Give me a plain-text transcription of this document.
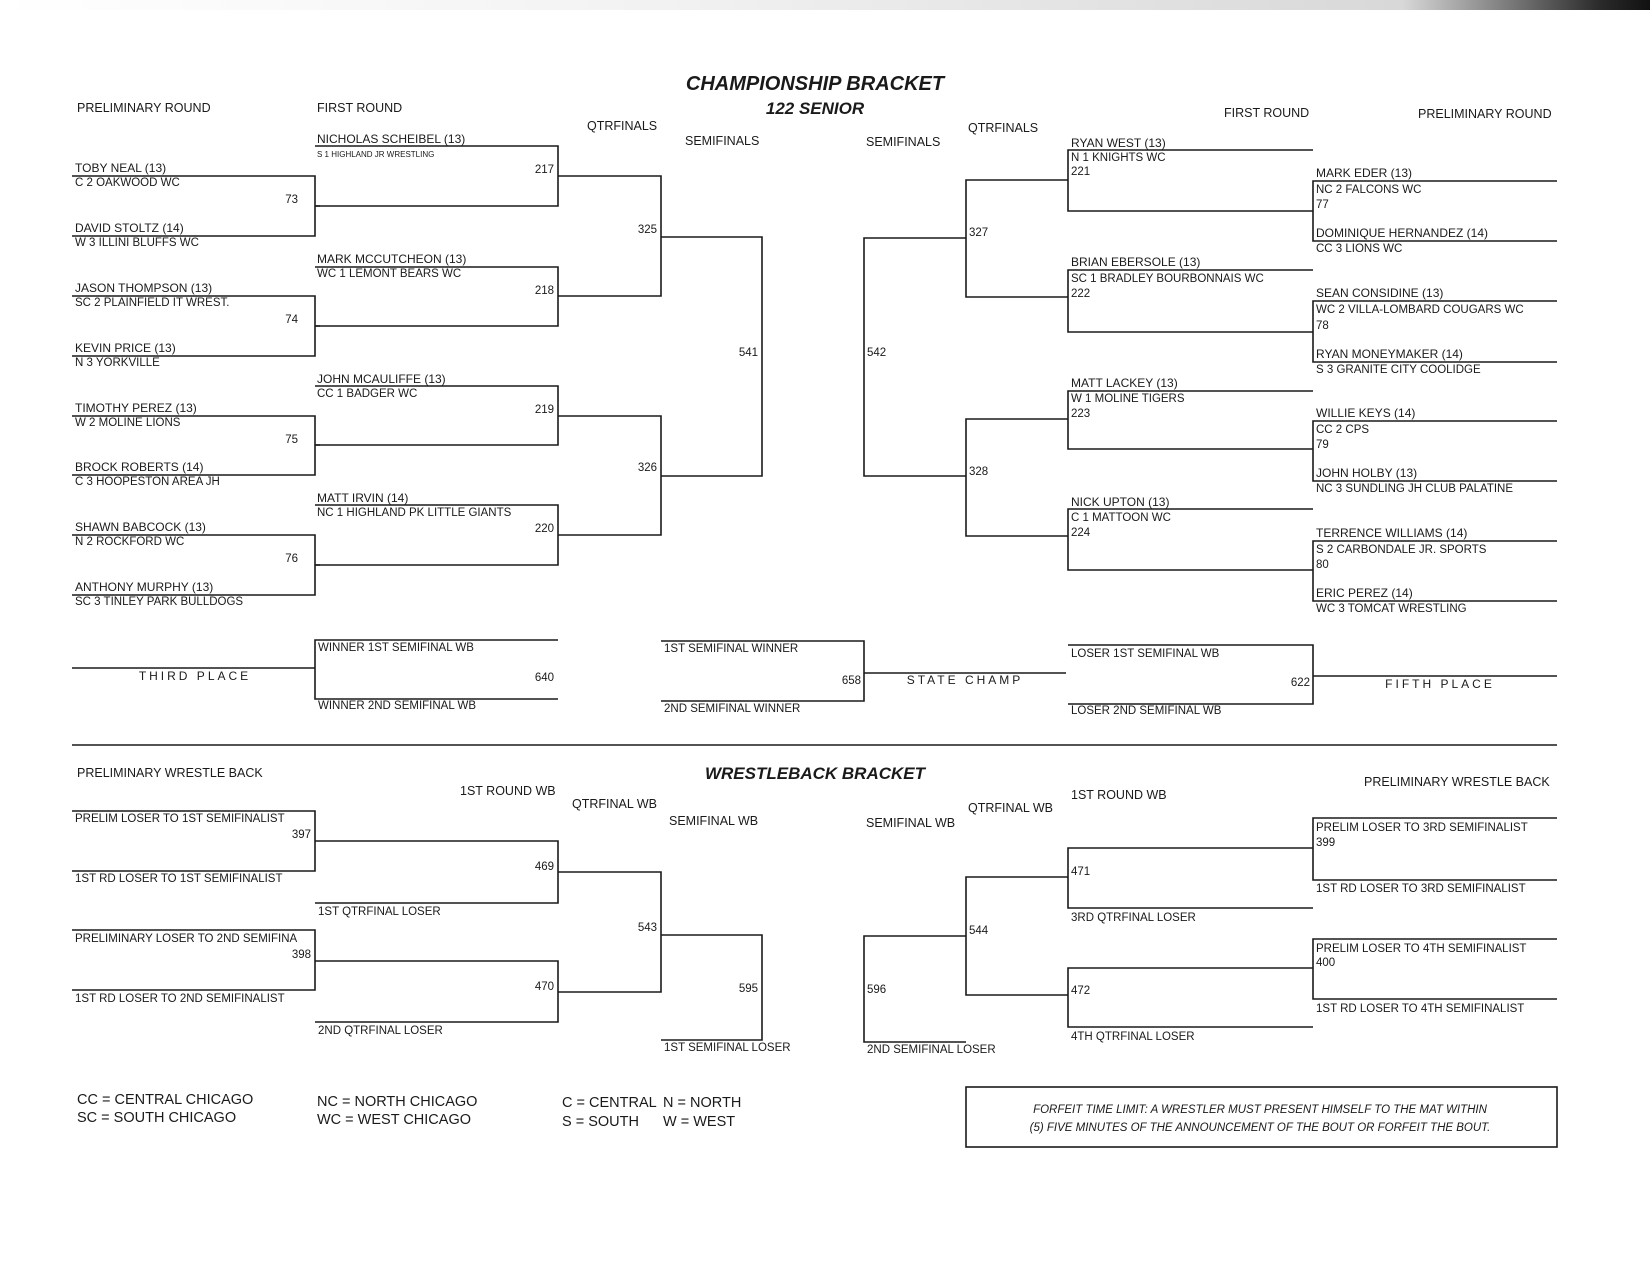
CHAMPIONSHIP BRACKET
122 SENIOR
PRELIMINARY ROUND	FIRST ROUND
QTRFINALS
SEMIFINALS	SEMIFINALS
QTRFINALS
FIRST ROUND	PRELIMINARY ROUND
TOBY NEAL (13)
C 2 OAKWOOD WC
73
DAVID STOLTZ (14)
W 3 ILLINI BLUFFS WC
JASON THOMPSON (13)
SC 2 PLAINFIELD IT WREST.
74
KEVIN PRICE (13)
N 3 YORKVILLE
TIMOTHY PEREZ (13)
W 2 MOLINE LIONS
75
BROCK ROBERTS (14)
C 3 HOOPESTON AREA JH
SHAWN BABCOCK (13)
N 2 ROCKFORD WC
76
ANTHONY MURPHY (13)
SC 3 TINLEY PARK BULLDOGS
NICHOLAS SCHEIBEL (13)
S 1 HIGHLAND JR WRESTLING
217
MARK MCCUTCHEON (13)
WC 1 LEMONT BEARS WC
218
JOHN MCAULIFFE (13)
CC 1 BADGER WC
219
MATT IRVIN (14)
NC 1 HIGHLAND PK LITTLE GIANTS
220
325
326
541	542
327
328
RYAN WEST (13)
N 1 KNIGHTS WC
221
BRIAN EBERSOLE (13)
SC 1 BRADLEY BOURBONNAIS WC
222
MATT LACKEY (13)
W 1 MOLINE TIGERS
223
NICK UPTON (13)
C 1 MATTOON WC
224
MARK EDER (13)
NC 2 FALCONS WC
77
DOMINIQUE HERNANDEZ (14)
CC 3 LIONS WC
SEAN CONSIDINE (13)
WC 2 VILLA-LOMBARD COUGARS WC
78
RYAN MONEYMAKER (14)
S 3 GRANITE CITY COOLIDGE
WILLIE KEYS (14)
CC 2 CPS
79
JOHN HOLBY (13)
NC 3 SUNDLING JH CLUB PALATINE
TERRENCE WILLIAMS (14)
S 2 CARBONDALE JR. SPORTS
80
ERIC PEREZ (14)
WC 3 TOMCAT WRESTLING
THIRD PLACE
WINNER 1ST SEMIFINAL WB
WINNER 2ND SEMIFINAL WB
640
1ST SEMIFINAL WINNER
2ND SEMIFINAL WINNER
658	STATE CHAMP
LOSER 1ST SEMIFINAL WB
LOSER 2ND SEMIFINAL WB
622	FIFTH PLACE
WRESTLEBACK BRACKET
PRELIMINARY WRESTLE BACK
1ST ROUND WB
QTRFINAL WB
SEMIFINAL WB	SEMIFINAL WB
QTRFINAL WB
1ST ROUND WB
PRELIMINARY WRESTLE BACK
PRELIM LOSER TO 1ST SEMIFINALIST
397
1ST RD LOSER TO 1ST SEMIFINALIST
PRELIMINARY LOSER TO 2ND SEMIFINA
398
1ST RD LOSER TO 2ND SEMIFINALIST
469
1ST QTRFINAL LOSER
470
2ND QTRFINAL LOSER
543
595
1ST SEMIFINAL LOSER
596
2ND SEMIFINAL LOSER
544
471
3RD QTRFINAL LOSER
472
4TH QTRFINAL LOSER
PRELIM LOSER TO 3RD SEMIFINALIST
399
1ST RD LOSER TO 3RD SEMIFINALIST
PRELIM LOSER TO 4TH SEMIFINALIST
400
1ST RD LOSER TO 4TH SEMIFINALIST
CC = CENTRAL CHICAGO
SC = SOUTH CHICAGO
NC = NORTH CHICAGO
WC = WEST CHICAGO
C = CENTRAL N = NORTH
S = SOUTH W = WEST
FORFEIT TIME LIMIT: A WRESTLER MUST PRESENT HIMSELF TO THE MAT WITHIN
(5) FIVE MINUTES OF THE ANNOUNCEMENT OF THE BOUT OR FORFEIT THE BOUT.
